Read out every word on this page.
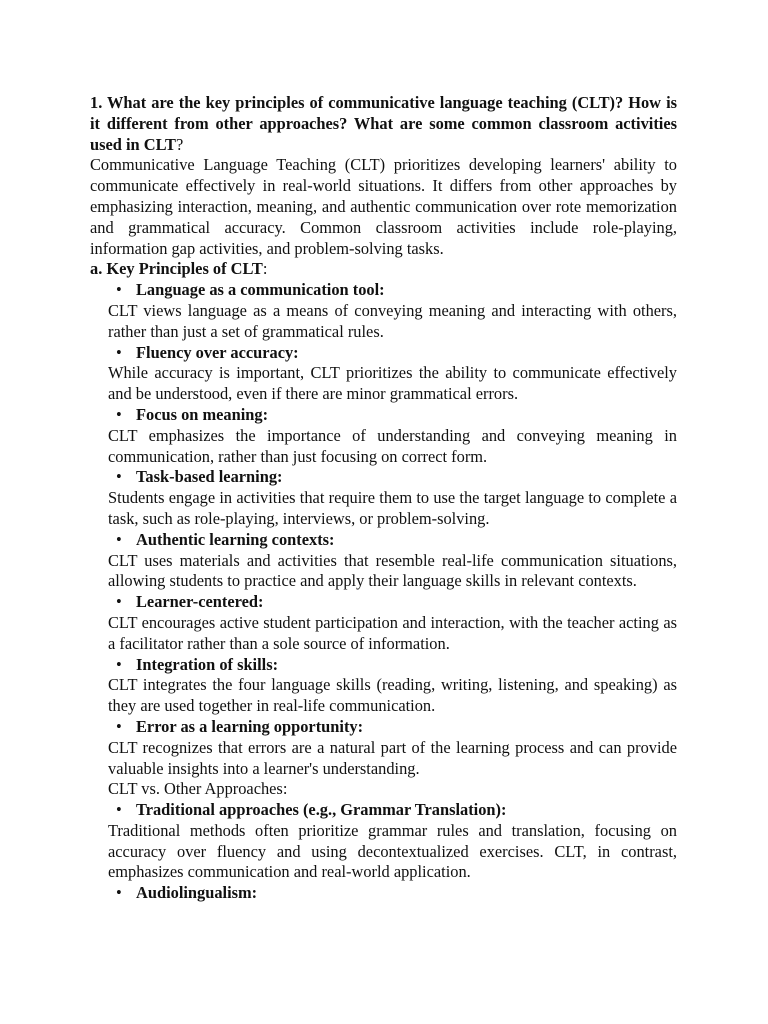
1. What are the key principles of communicative language teaching (CLT)? How is it different from other approaches? What are some common classroom activities used in CLT?

Communicative Language Teaching (CLT) prioritizes developing learners' ability to communicate effectively in real-world situations. It differs from other approaches by emphasizing interaction, meaning, and authentic communication over rote memorization and grammatical accuracy. Common classroom activities include role-playing, information gap activities, and problem-solving tasks.

a. Key Principles of CLT:

• Language as a communication tool:

CLT views language as a means of conveying meaning and interacting with others, rather than just a set of grammatical rules.

• Fluency over accuracy:

While accuracy is important, CLT prioritizes the ability to communicate effectively and be understood, even if there are minor grammatical errors.

• Focus on meaning:

CLT emphasizes the importance of understanding and conveying meaning in communication, rather than just focusing on correct form.

• Task-based learning:

Students engage in activities that require them to use the target language to complete a task, such as role-playing, interviews, or problem-solving.

• Authentic learning contexts:

CLT uses materials and activities that resemble real-life communication situations, allowing students to practice and apply their language skills in relevant contexts.

• Learner-centered:

CLT encourages active student participation and interaction, with the teacher acting as a facilitator rather than a sole source of information.

• Integration of skills:

CLT integrates the four language skills (reading, writing, listening, and speaking) as they are used together in real-life communication.

• Error as a learning opportunity:

CLT recognizes that errors are a natural part of the learning process and can provide valuable insights into a learner's understanding.

CLT vs. Other Approaches:

• Traditional approaches (e.g., Grammar Translation):

Traditional methods often prioritize grammar rules and translation, focusing on accuracy over fluency and using decontextualized exercises. CLT, in contrast, emphasizes communication and real-world application.

• Audiolingualism:
